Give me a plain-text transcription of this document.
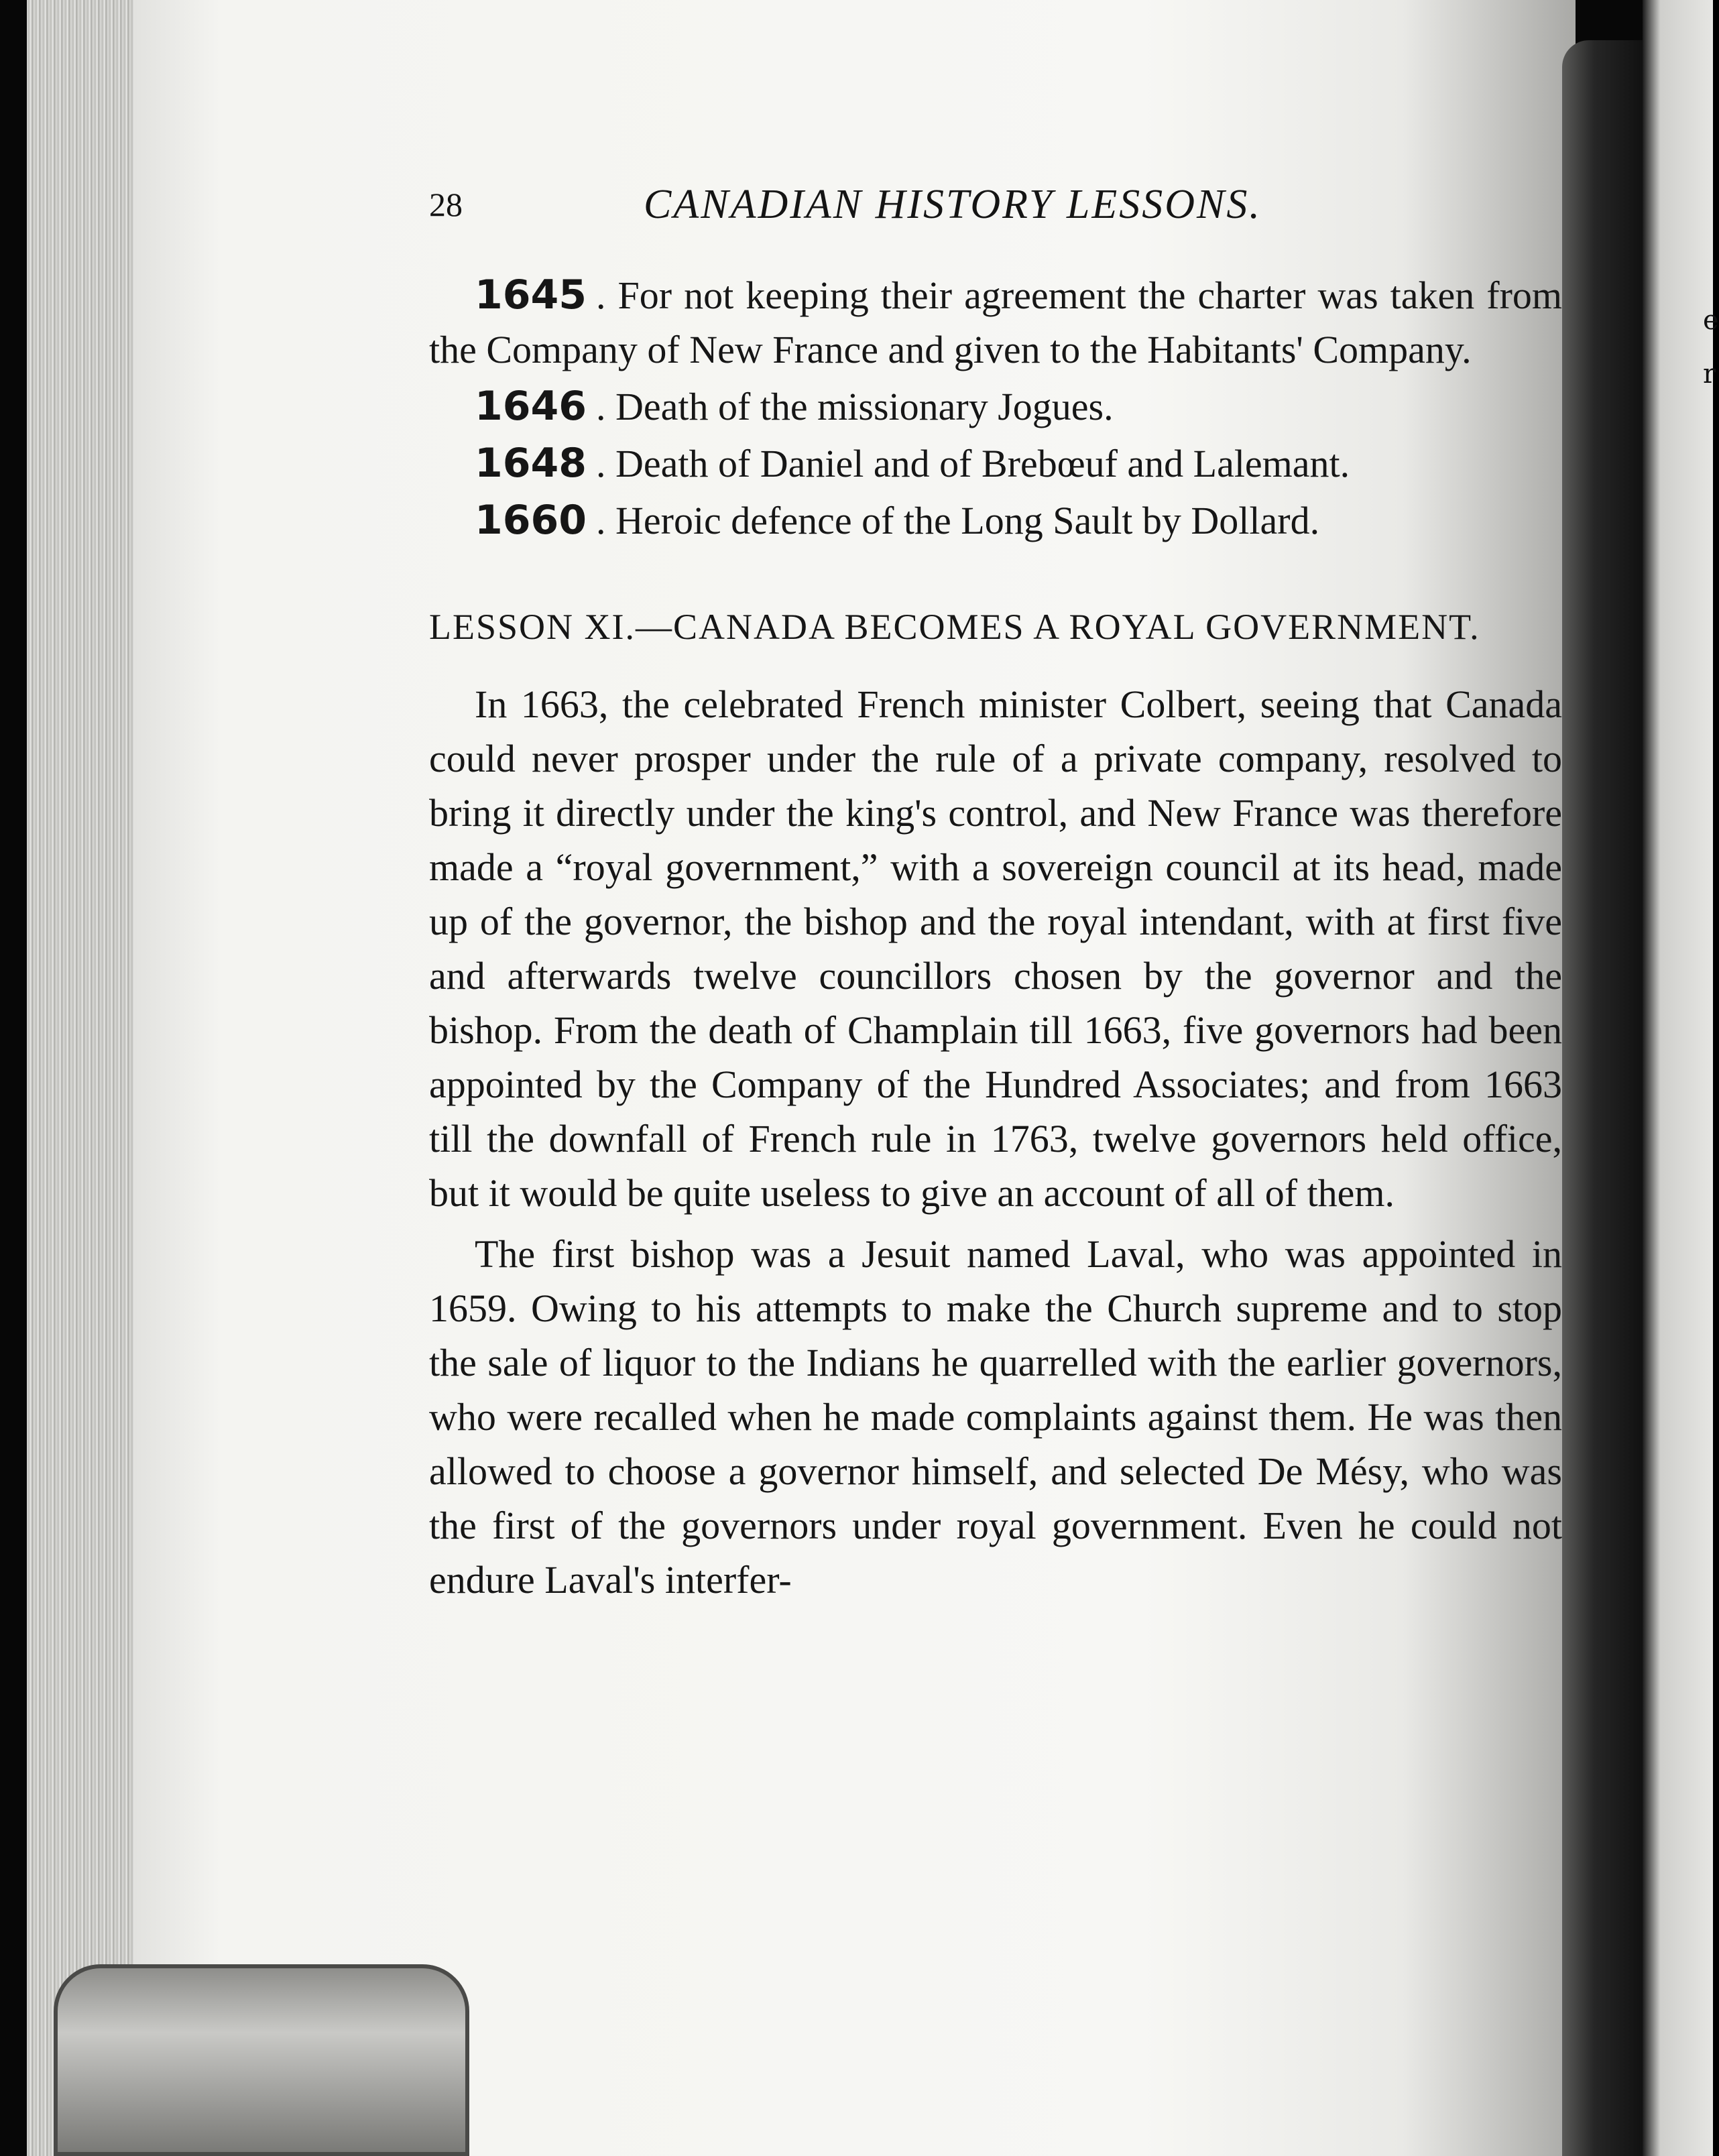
e
r
28	CANADIAN HISTORY LESSONS.

1645 . For not keeping their agreement the charter was taken from the Company of New France and given to the Habitants' Company.

1646 . Death of the missionary Jogues.

1648 . Death of Daniel and of Brebœuf and Lalemant.

1660 . Heroic defence of the Long Sault by Dollard.

LESSON XI.—CANADA BECOMES A ROYAL GOVERNMENT.

In 1663, the celebrated French minister Colbert, seeing that Canada could never prosper under the rule of a private company, resolved to bring it directly under the king's control, and New France was therefore made a “royal government,” with a sovereign council at its head, made up of the governor, the bishop and the royal intendant, with at first five and afterwards twelve councillors chosen by the governor and the bishop. From the death of Champlain till 1663, five governors had been appointed by the Company of the Hundred Associates; and from 1663 till the downfall of French rule in 1763, twelve governors held office, but it would be quite useless to give an account of all of them.

The first bishop was a Jesuit named Laval, who was appointed in 1659. Owing to his attempts to make the Church supreme and to stop the sale of liquor to the Indians he quarrelled with the earlier governors, who were recalled when he made complaints against them. He was then allowed to choose a governor himself, and selected De Mésy, who was the first of the governors under royal government. Even he could not endure Laval's interfer-
